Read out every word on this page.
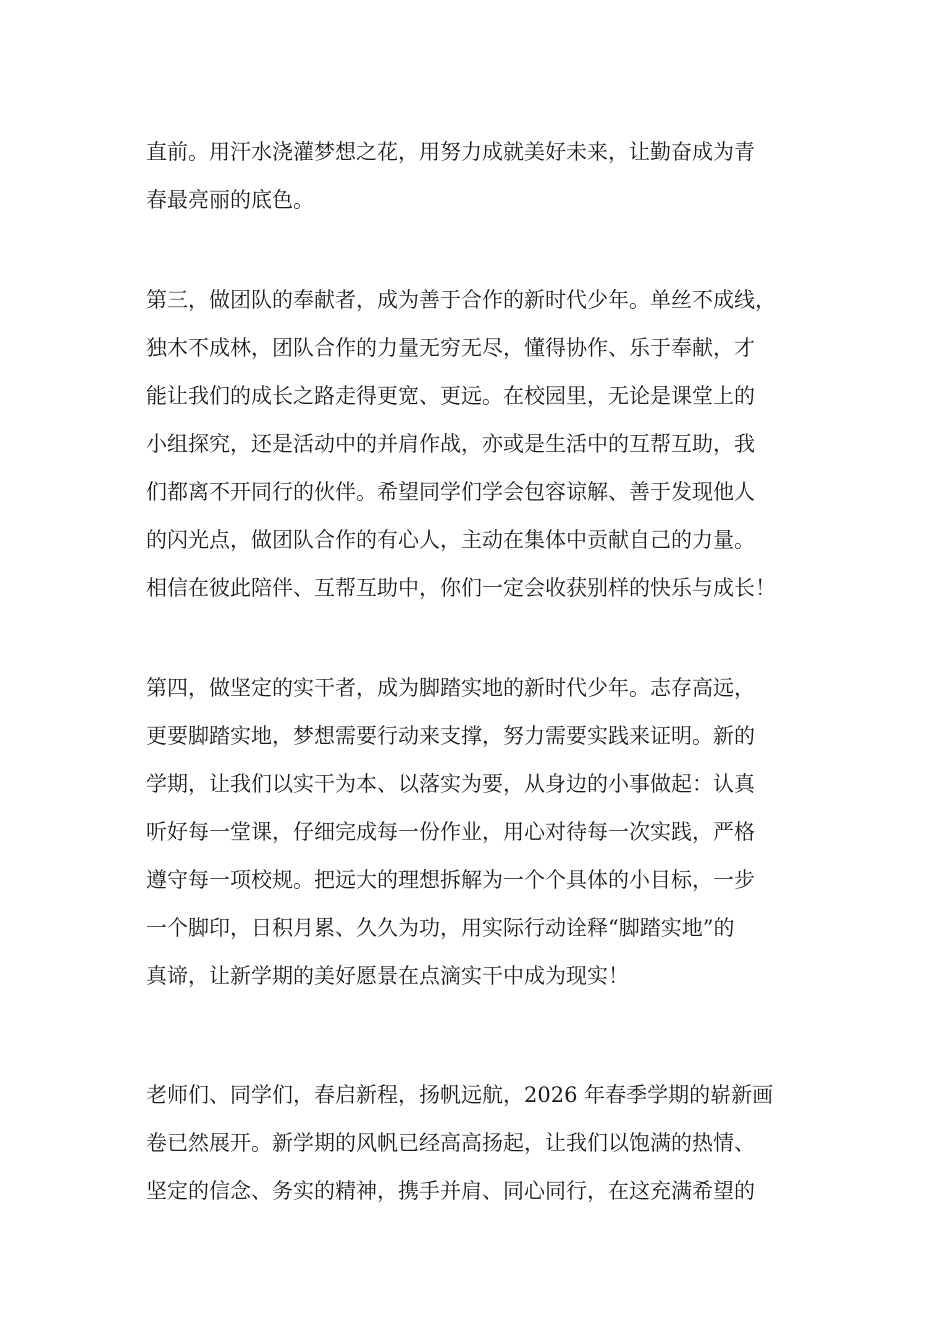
直前。用汗水浇灌梦想之花，用努力成就美好未来，让勤奋成为青
春最亮丽的底色。
第三，做团队的奉献者，成为善于合作的新时代少年。单丝不成线，
独木不成林，团队合作的力量无穷无尽，懂得协作、乐于奉献，才
能让我们的成长之路走得更宽、更远。在校园里，无论是课堂上的
小组探究，还是活动中的并肩作战，亦或是生活中的互帮互助，我
们都离不开同行的伙伴。希望同学们学会包容谅解、善于发现他人
的闪光点，做团队合作的有心人，主动在集体中贡献自己的力量。
相信在彼此陪伴、互帮互助中，你们一定会收获别样的快乐与成长！
第四，做坚定的实干者，成为脚踏实地的新时代少年。志存高远，
更要脚踏实地，梦想需要行动来支撑，努力需要实践来证明。新的
学期，让我们以实干为本、以落实为要，从身边的小事做起：认真
听好每一堂课，仔细完成每一份作业，用心对待每一次实践，严格
遵守每一项校规。把远大的理想拆解为一个个具体的小目标，一步
一个脚印，日积月累、久久为功，用实际行动诠释“脚踏实地”的
真谛，让新学期的美好愿景在点滴实干中成为现实！
老师们、同学们，春启新程，扬帆远航，2026 年春季学期的崭新画
卷已然展开。新学期的风帆已经高高扬起，让我们以饱满的热情、
坚定的信念、务实的精神，携手并肩、同心同行，在这充满希望的
